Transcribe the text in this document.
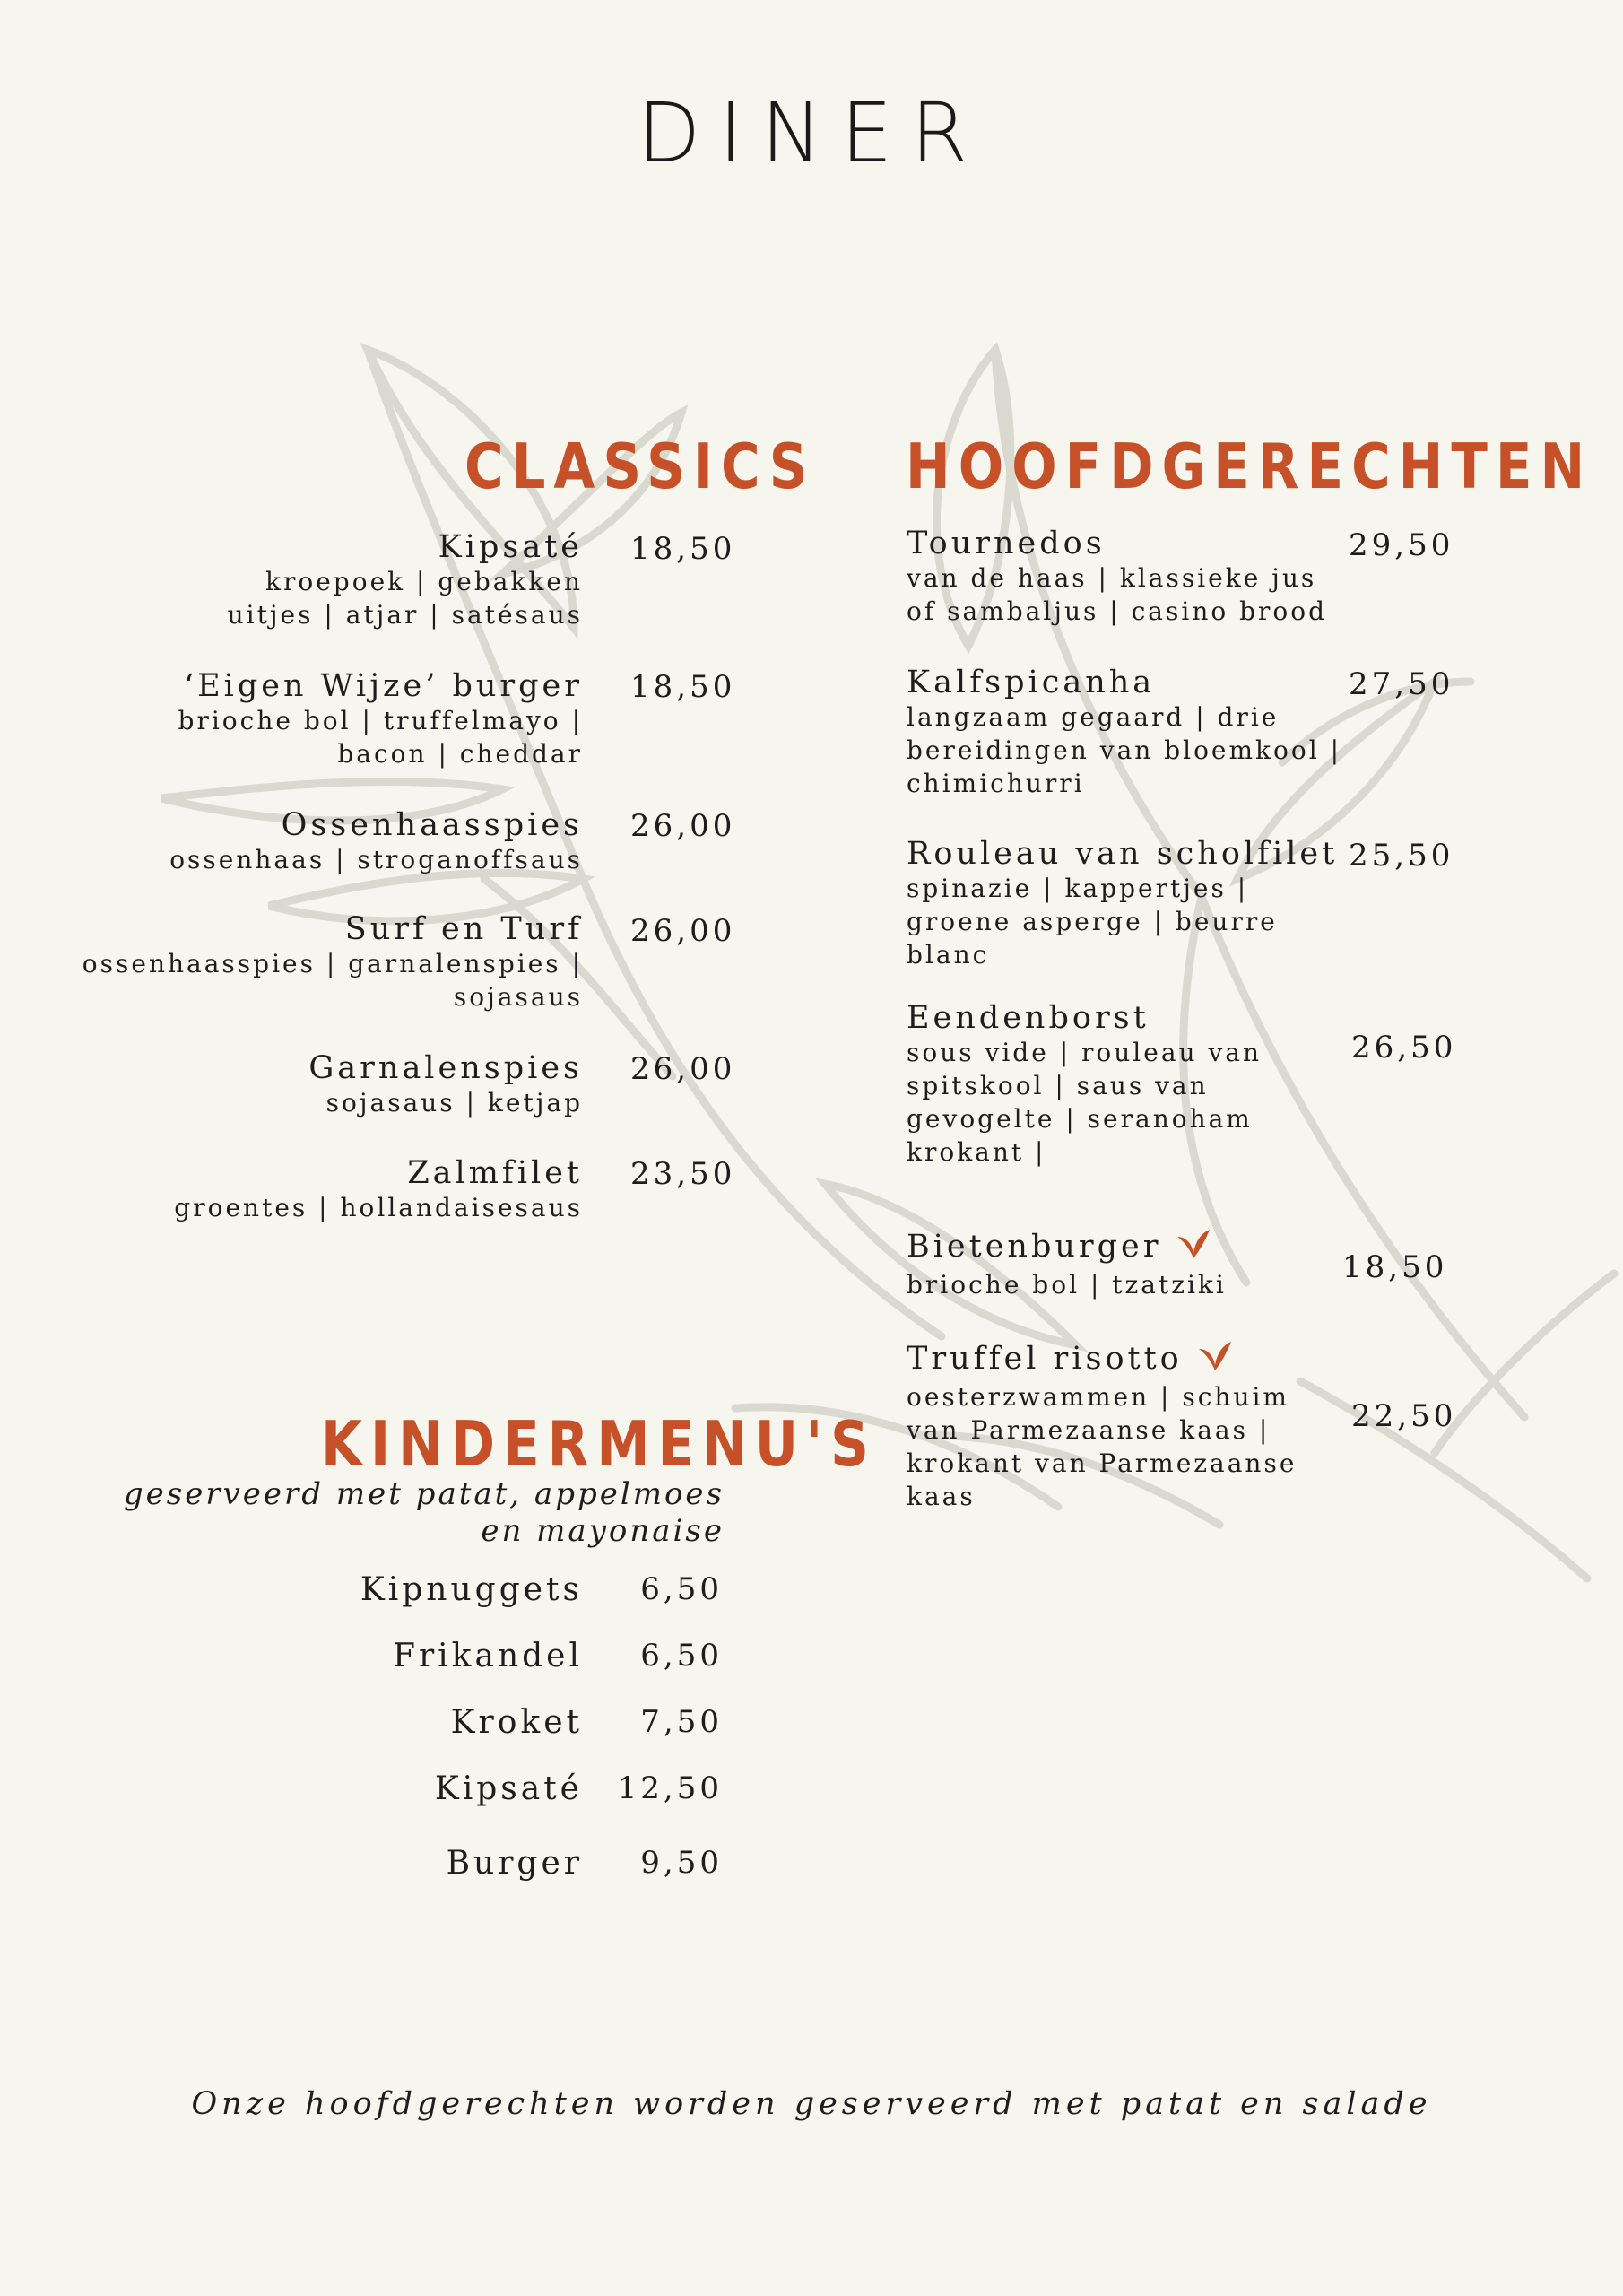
DINER
CLASSICS
Kipsaté
kroepoek | gebakken
uitjes | atjar | satésaus
18,50
‘Eigen Wijze’ burger
brioche bol | truffelmayo |
bacon | cheddar
18,50
Ossenhaasspies
ossenhaas | stroganoffsaus
26,00
Surf en Turf
ossenhaasspies | garnalenspies |
sojasaus
26,00
Garnalenspies
sojasaus | ketjap
26,00
Zalmfilet
groentes | hollandaisesaus
23,50
KINDERMENU'S
geserveerd met patat, appelmoes
en mayonaise
Kipnuggets	6,50
Frikandel	6,50
Kroket	7,50
Kipsaté	12,50
Burger	9,50
HOOFDGERECHTEN
Tournedos
van de haas | klassieke jus
of sambaljus | casino brood
29,50
Kalfspicanha
langzaam gegaard | drie
bereidingen van bloemkool |
chimichurri
27,50
Rouleau van scholfilet
spinazie | kappertjes |
groene asperge | beurre
blanc
25,50
Eendenborst
sous vide | rouleau van
spitskool | saus van
gevogelte | seranoham
krokant |
26,50
Bietenburger
brioche bol | tzatziki	18,50
Truffel risotto
oesterzwammen | schuim
van Parmezaanse kaas |
krokant van Parmezaanse
kaas
22,50
Onze hoofdgerechten worden geserveerd met patat en salade
